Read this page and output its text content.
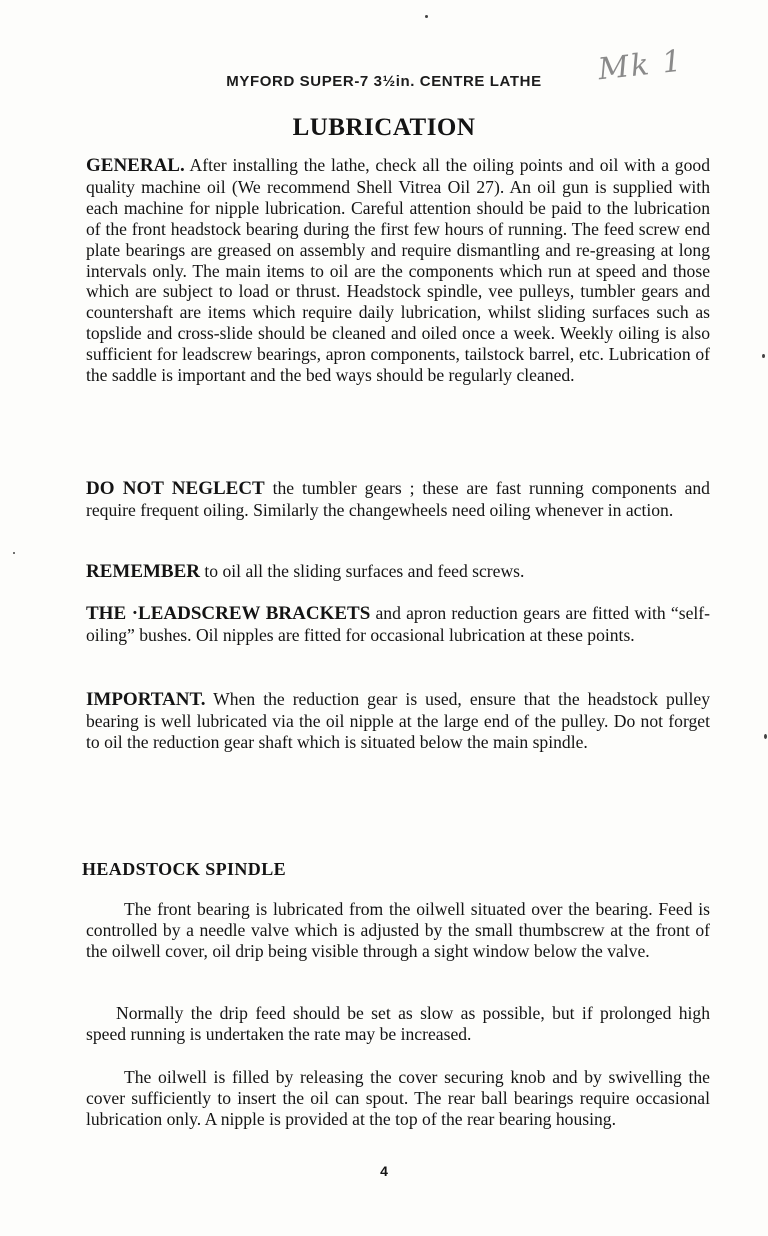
MYFORD SUPER-7 3½in. CENTRE LATHE	Mk 1
LUBRICATION

GENERAL. After installing the lathe, check all the oiling points and oil with a good quality machine oil (We recommend Shell Vitrea Oil 27). An oil gun is supplied with each machine for nipple lubrication. Careful attention should be paid to the lubrication of the front headstock bearing during the first few hours of running. The feed screw end plate bearings are greased on assembly and require dismantling and re-greasing at long intervals only. The main items to oil are the components which run at speed and those which are subject to load or thrust. Headstock spindle, vee pulleys, tumbler gears and countershaft are items which require daily lubrication, whilst sliding surfaces such as topslide and cross-slide should be cleaned and oiled once a week. Weekly oiling is also sufficient for leadscrew bearings, apron components, tailstock barrel, etc. Lubrication of the saddle is important and the bed ways should be regularly cleaned.

DO NOT NEGLECT the tumbler gears ; these are fast running components and require frequent oiling. Similarly the changewheels need oiling whenever in action.

REMEMBER to oil all the sliding surfaces and feed screws.

THE ·LEADSCREW BRACKETS and apron reduction gears are fitted with “self-oiling” bushes. Oil nipples are fitted for occasional lubrication at these points.

IMPORTANT. When the reduction gear is used, ensure that the headstock pulley bearing is well lubricated via the oil nipple at the large end of the pulley. Do not forget to oil the reduction gear shaft which is situated below the main spindle.

HEADSTOCK SPINDLE

The front bearing is lubricated from the oilwell situated over the bearing. Feed is controlled by a needle valve which is adjusted by the small thumbscrew at the front of the oilwell cover, oil drip being visible through a sight window below the valve.

Normally the drip feed should be set as slow as possible, but if prolonged high speed running is undertaken the rate may be increased.

The oilwell is filled by releasing the cover securing knob and by swivelling the cover sufficiently to insert the oil can spout. The rear ball bearings require occasional lubrication only. A nipple is provided at the top of the rear bearing housing.

4
